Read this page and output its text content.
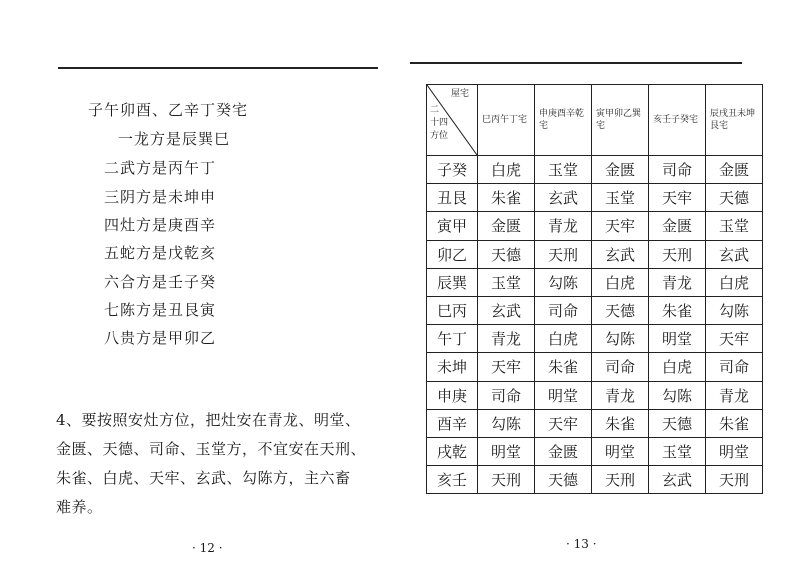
子午卯酉、乙辛丁癸宅
一龙方是辰巽巳
二武方是丙午丁
三阴方是未坤申
四灶方是庚酉辛
五蛇方是戊乾亥
六合方是壬子癸
七陈方是丑艮寅
八贵方是甲卯乙
4、要按照安灶方位，把灶安在青龙、明堂、
金匮、天德、司命、玉堂方，不宜安在天刑、
朱雀、白虎、天牢、玄武、勾陈方，主六畜
难养。
· 12 ·
屋宅
二
十四
方位	巳丙午丁宅	申庚酉辛乾宅	寅甲卯乙巽宅	亥壬子癸宅	辰戌丑未坤艮宅
子癸	白虎	玉堂	金匮	司命	金匮
丑艮	朱雀	玄武	玉堂	天牢	天德
寅甲	金匮	青龙	天牢	金匮	玉堂
卯乙	天德	天刑	玄武	天刑	玄武
辰巽	玉堂	勾陈	白虎	青龙	白虎
巳丙	玄武	司命	天德	朱雀	勾陈
午丁	青龙	白虎	勾陈	明堂	天牢
未坤	天牢	朱雀	司命	白虎	司命
申庚	司命	明堂	青龙	勾陈	青龙
酉辛	勾陈	天牢	朱雀	天德	朱雀
戌乾	明堂	金匮	明堂	玉堂	明堂
亥壬	天刑	天德	天刑	玄武	天刑
· 13 ·
